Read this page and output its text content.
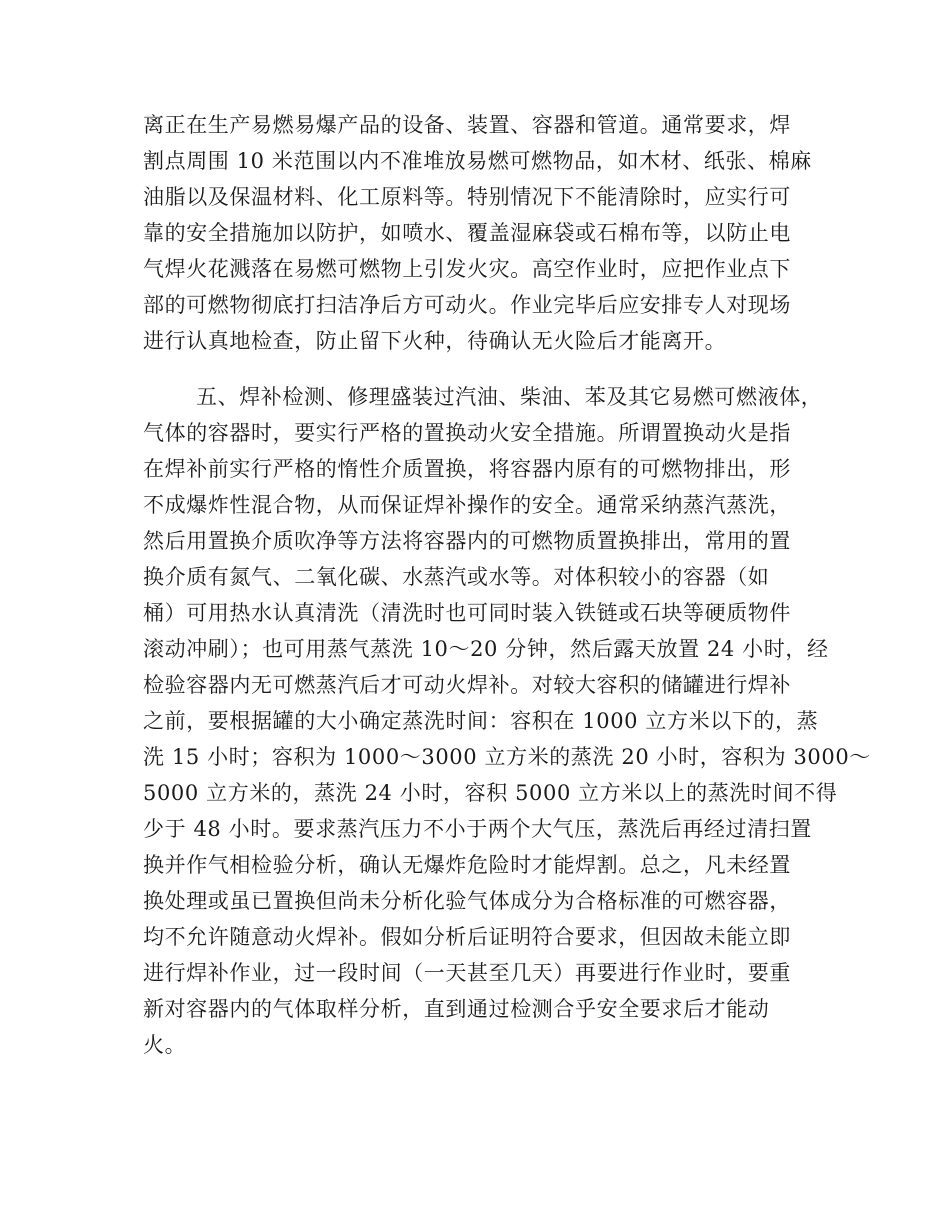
离正在生产易燃易爆产品的设备、装置、容器和管道。通常要求，焊
割点周围 10 米范围以内不准堆放易燃可燃物品，如木材、纸张、棉麻
油脂以及保温材料、化工原料等。特别情况下不能清除时，应实行可
靠的安全措施加以防护，如喷水、覆盖湿麻袋或石棉布等，以防止电
气焊火花溅落在易燃可燃物上引发火灾。高空作业时，应把作业点下
部的可燃物彻底打扫洁净后方可动火。作业完毕后应安排专人对现场
进行认真地检查，防止留下火种，待确认无火险后才能离开。
五、焊补检测、修理盛装过汽油、柴油、苯及其它易燃可燃液体，
气体的容器时，要实行严格的置换动火安全措施。所谓置换动火是指
在焊补前实行严格的惰性介质置换，将容器内原有的可燃物排出，形
不成爆炸性混合物，从而保证焊补操作的安全。通常采纳蒸汽蒸洗，
然后用置换介质吹净等方法将容器内的可燃物质置换排出，常用的置
换介质有氮气、二氧化碳、水蒸汽或水等。对体积较小的容器（如
桶）可用热水认真清洗（清洗时也可同时装入铁链或石块等硬质物件
滚动冲刷）；也可用蒸气蒸洗 10～20 分钟，然后露天放置 24 小时，经
检验容器内无可燃蒸汽后才可动火焊补。对较大容积的储罐进行焊补
之前，要根据罐的大小确定蒸洗时间：容积在 1000 立方米以下的，蒸
洗 15 小时；容积为 1000～3000 立方米的蒸洗 20 小时，容积为 3000～
5000 立方米的，蒸洗 24 小时，容积 5000 立方米以上的蒸洗时间不得
少于 48 小时。要求蒸汽压力不小于两个大气压，蒸洗后再经过清扫置
换并作气相检验分析，确认无爆炸危险时才能焊割。总之，凡未经置
换处理或虽已置换但尚未分析化验气体成分为合格标准的可燃容器，
均不允许随意动火焊补。假如分析后证明符合要求，但因故未能立即
进行焊补作业，过一段时间（一天甚至几天）再要进行作业时，要重
新对容器内的气体取样分析，直到通过检测合乎安全要求后才能动
火。
